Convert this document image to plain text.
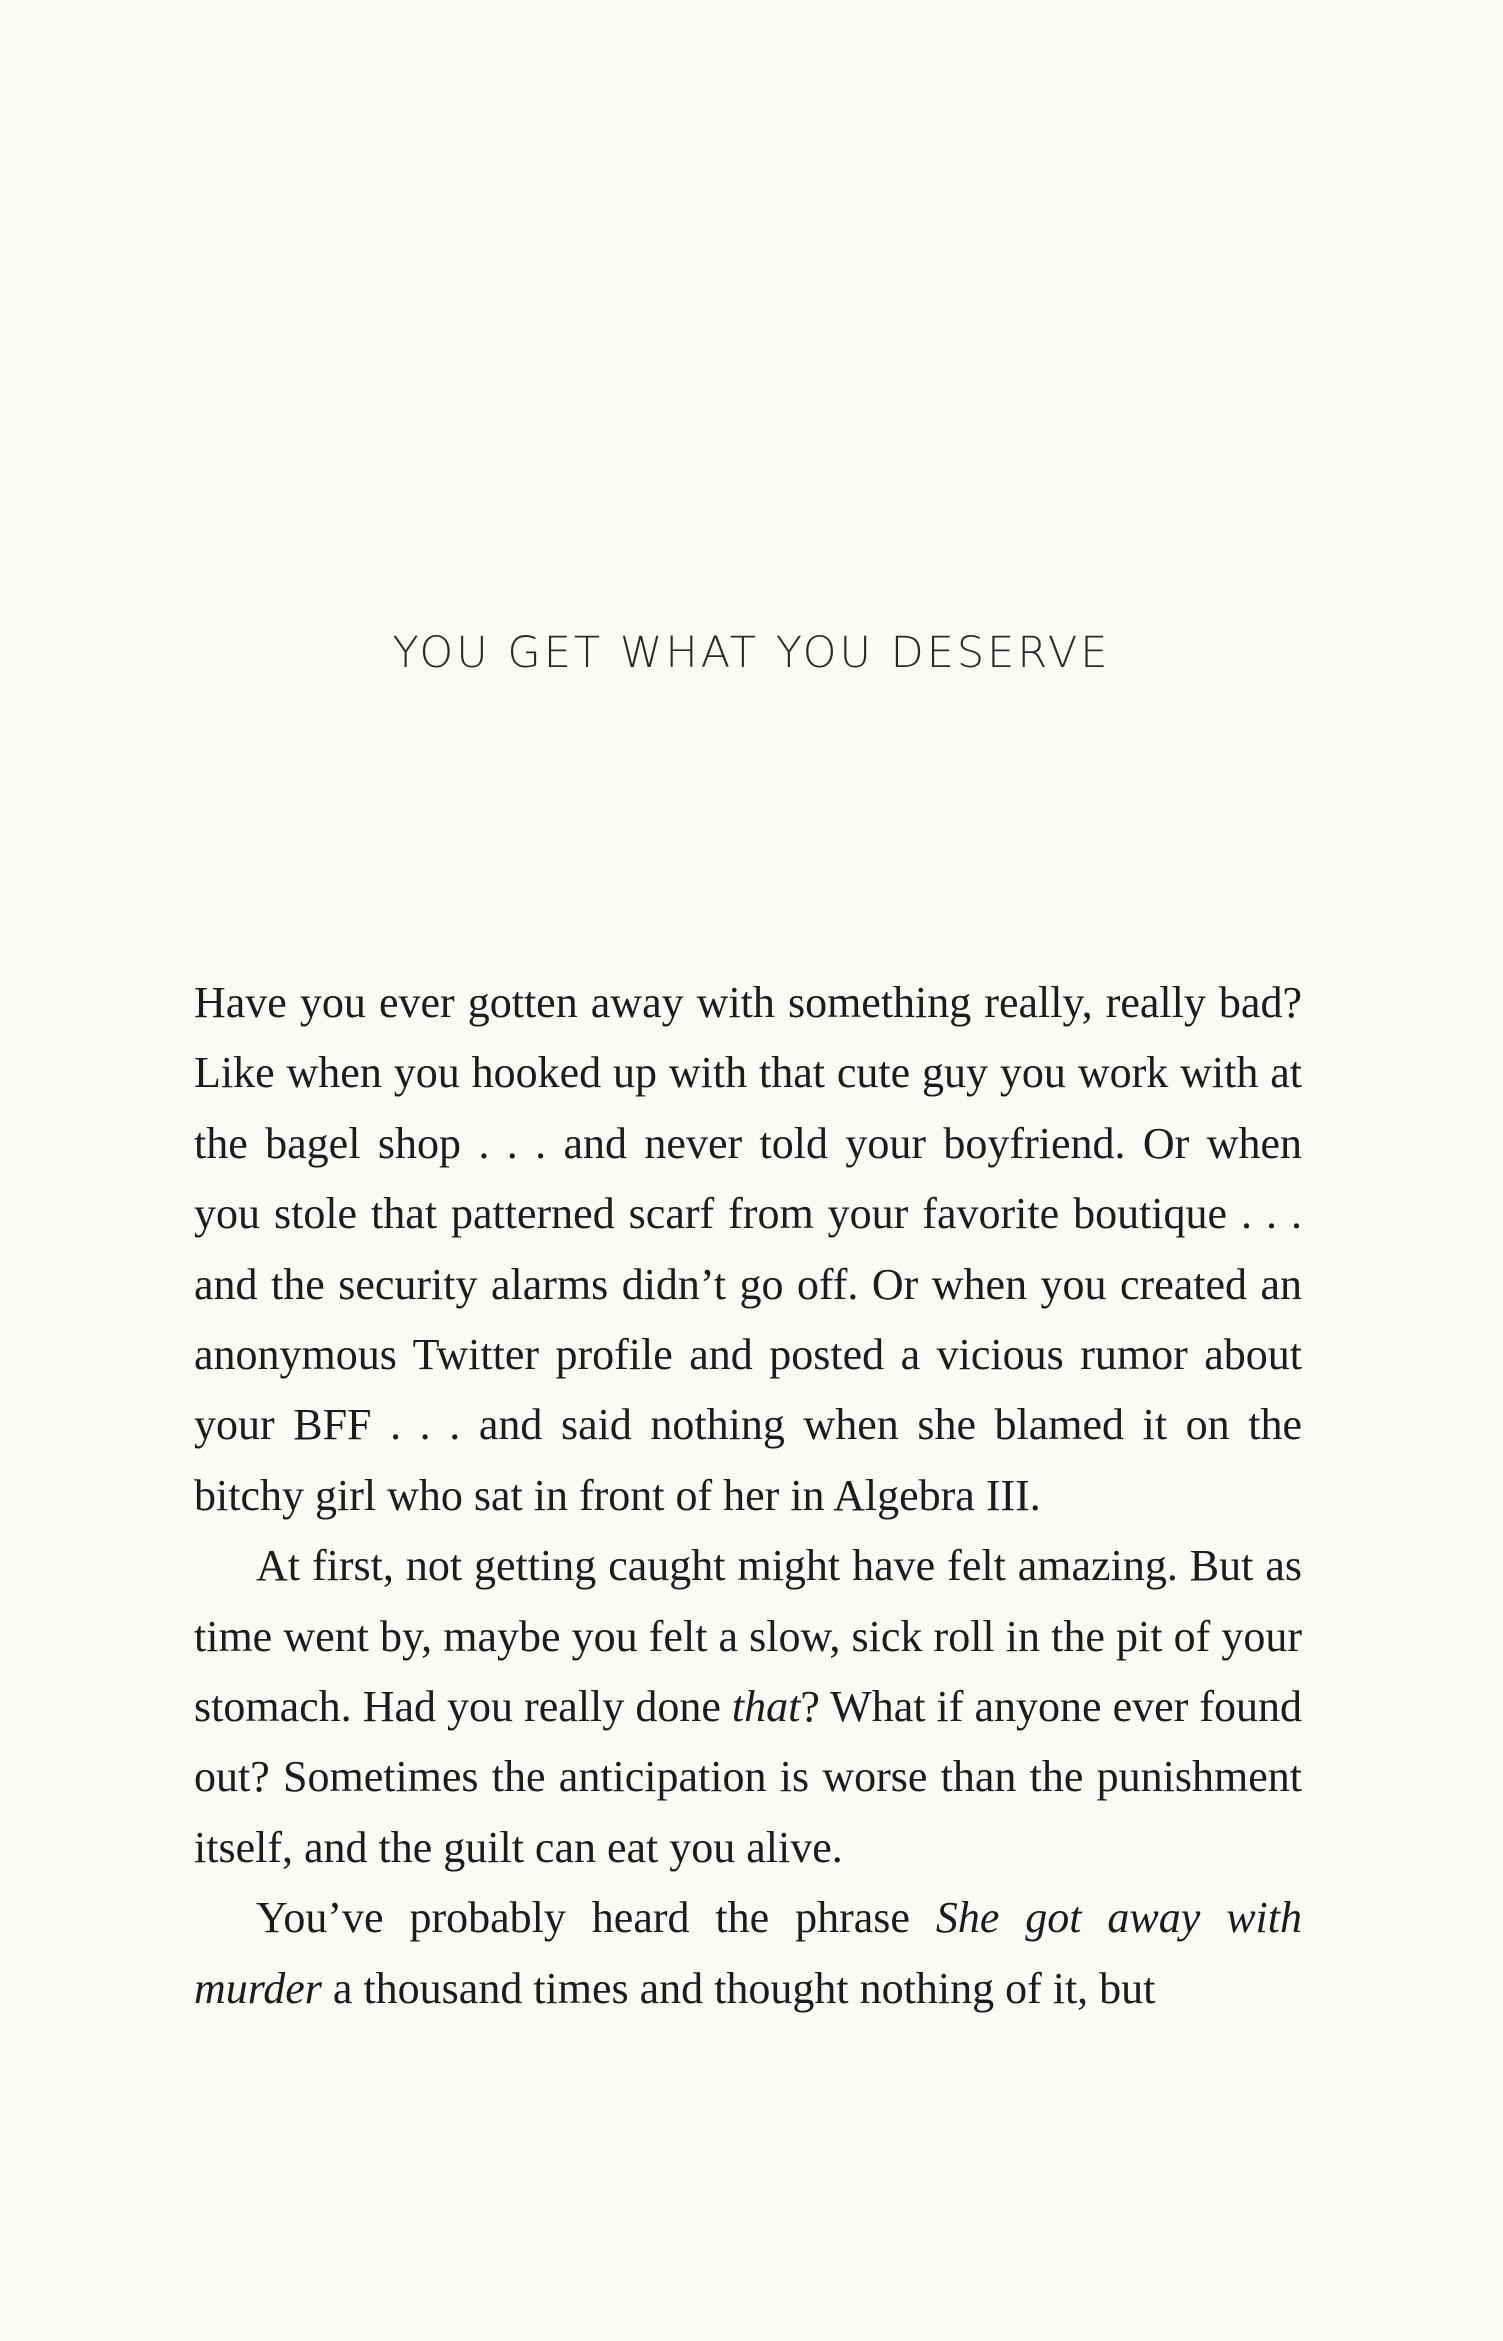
YOU GET WHAT YOU DESERVE

Have you ever gotten away with something really, really bad? Like when you hooked up with that cute guy you work with at the bagel shop . . . and never told your boyfriend. Or when you stole that patterned scarf from your favorite boutique . . . and the security alarms didn’t go off. Or when you created an anonymous Twitter profile and posted a vicious rumor about your BFF . . . and said nothing when she blamed it on the bitchy girl who sat in front of her in Algebra III.

At first, not getting caught might have felt amazing. But as time went by, maybe you felt a slow, sick roll in the pit of your stomach. Had you really done that? What if anyone ever found out? Sometimes the anticipation is worse than the punishment itself, and the guilt can eat you alive.

You’ve probably heard the phrase She got away with murder a thousand times and thought nothing of it, but
